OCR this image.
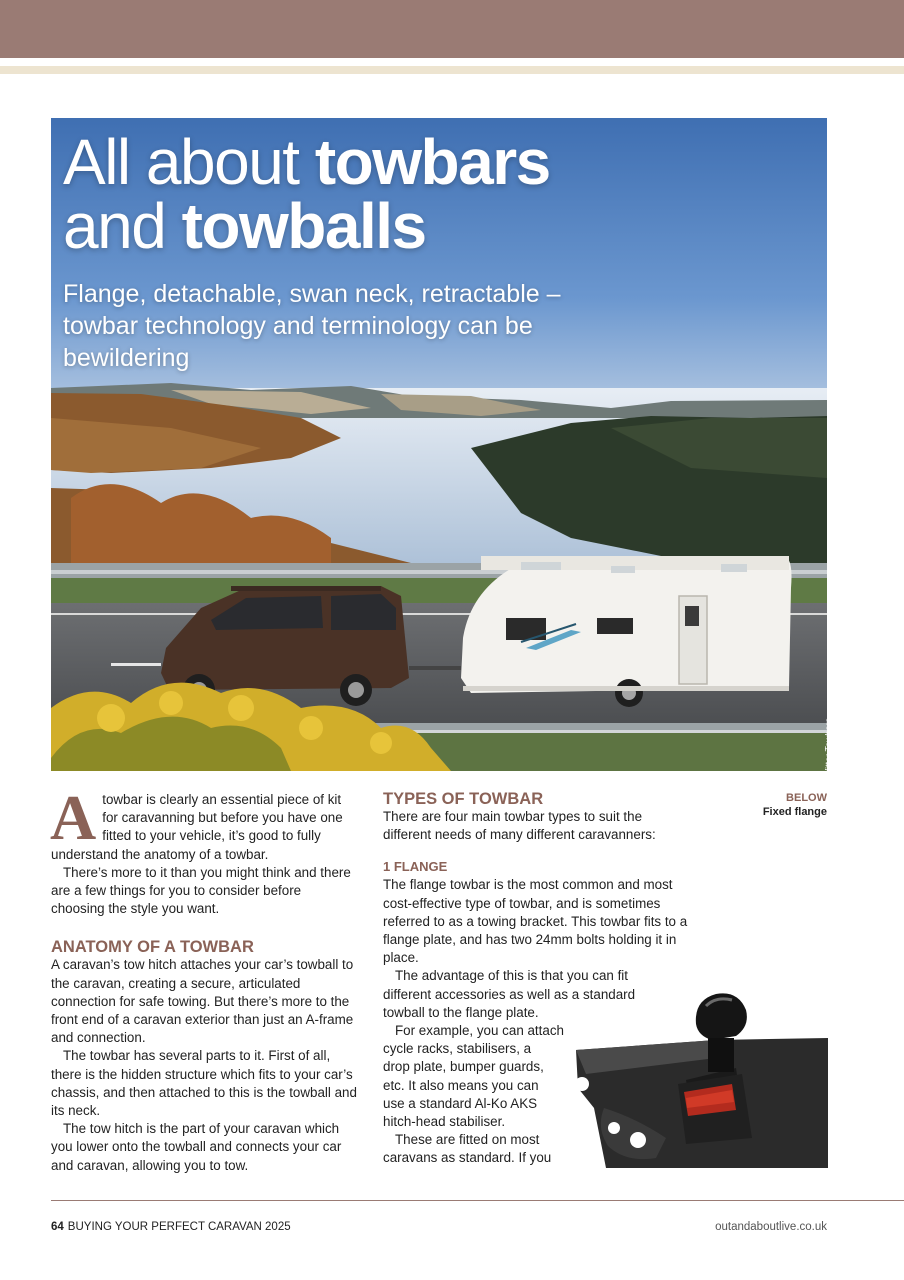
All about towbars
and towballs
Flange, detachable, swan neck, retractable – towbar technology and terminology can be bewildering
Witter Towbars
A towbar is clearly an essential piece of kit for caravanning but before you have one fitted to your vehicle, it’s good to fully understand the anatomy of a towbar.

There’s more to it than you might think and there are a few things for you to consider before choosing the style you want.

ANATOMY OF A TOWBAR

A caravan’s tow hitch attaches your car’s towball to the caravan, creating a secure, articulated connection for safe towing. But there’s more to the front end of a caravan exterior than just an A-frame and connection.

The towbar has several parts to it. First of all, there is the hidden structure which fits to your car’s chassis, and then attached to this is the towball and its neck.

The tow hitch is the part of your caravan which you lower onto the towball and connects your car and caravan, allowing you to tow.

TYPES OF TOWBAR

There are four main towbar types to suit the different needs of many different caravanners:

1 FLANGE

The flange towbar is the most common and most cost-effective type of towbar, and is sometimes referred to as a towing bracket. This towbar fits to a flange plate, and has two 24mm bolts holding it in place.

The advantage of this is that you can fit different accessories as well as a standard

towball to the flange plate.

For example, you can attach

cycle racks, stabilisers, a

drop plate, bumper guards,

etc. It also means you can

use a standard Al-Ko AKS

hitch-head stabiliser.

These are fitted on most

caravans as standard. If you

BELOW
Fixed flange
64 BUYING YOUR PERFECT CARAVAN 2025	outandaboutlive.co.uk
